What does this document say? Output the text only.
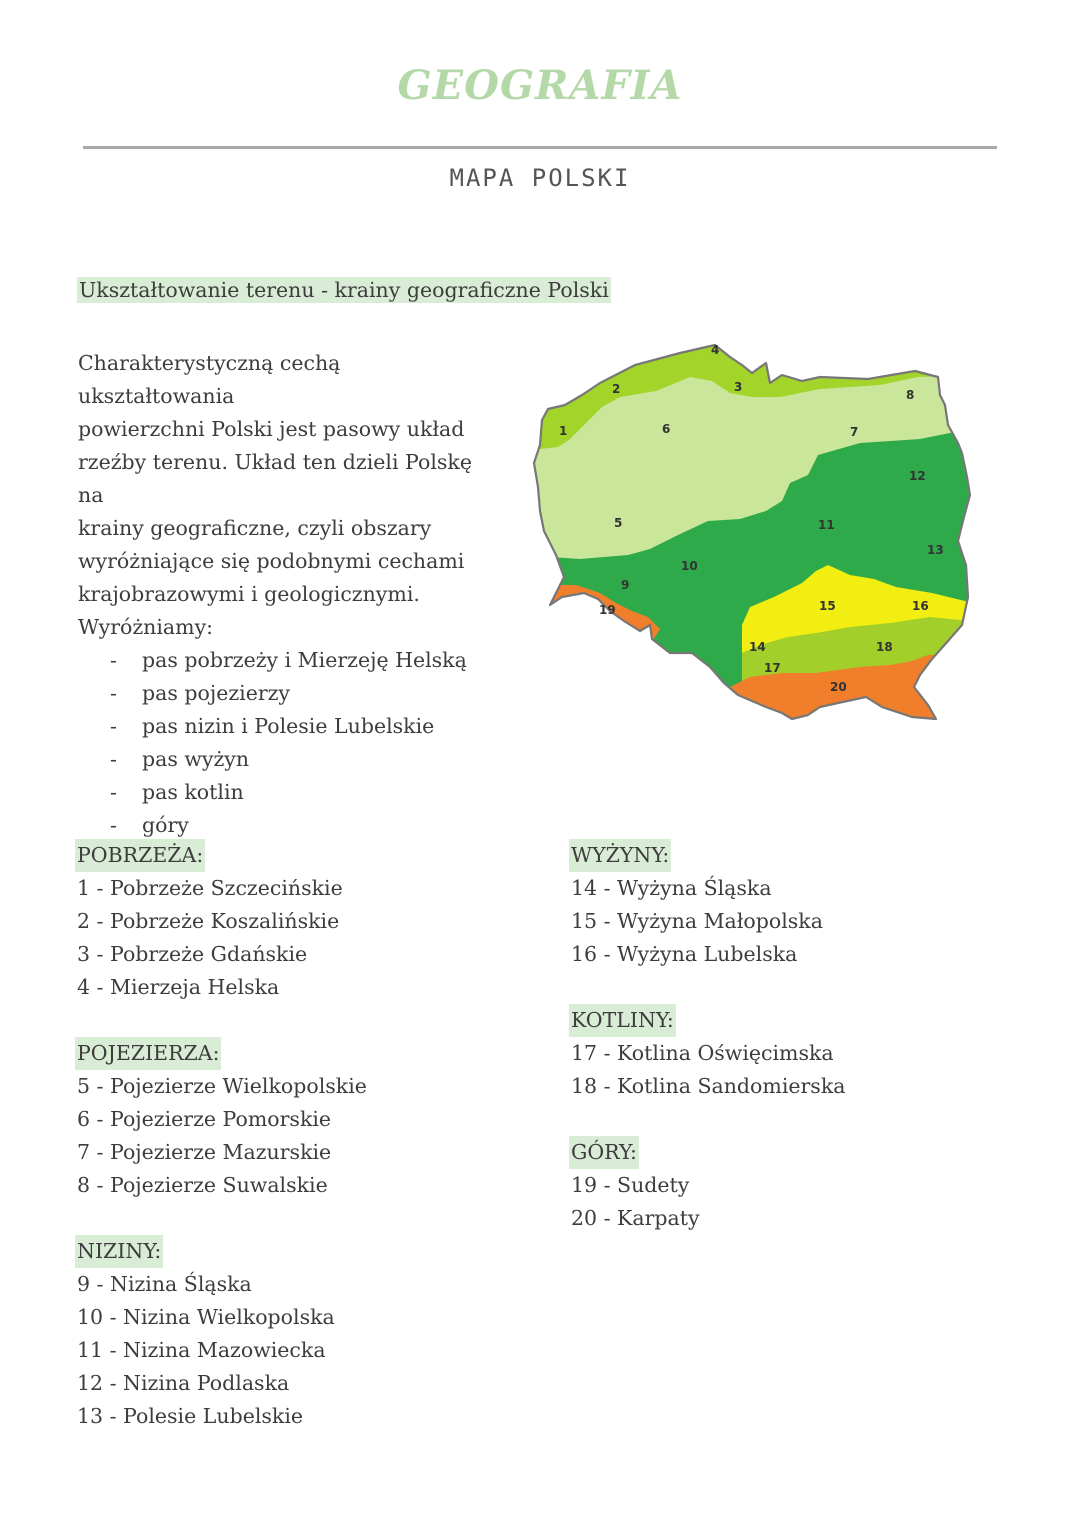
GEOGRAFIA
MAPA POLSKI
Ukształtowanie terenu - krainy geograficzne Polski

Charakterystyczną cechą ukształtowania
powierzchni Polski jest pasowy układ
rzeźby terenu. Układ ten dzieli Polskę na
krainy geograficzne, czyli obszary
wyróżniające się podobnymi cechami
krajobrazowymi i geologicznymi.
Wyróżniamy:

- pas pobrzeży i Mierzeję Helską
- pas pojezierzy
- pas nizin i Polesie Lubelskie
- pas wyżyn
- pas kotlin
- góry
1
2	3
4
5
6	7
8
9
10
11
12
13
14
15	16
17
18
19
20
POBRZEŻA:
1 - Pobrzeże Szczecińskie
2 - Pobrzeże Koszalińskie
3 - Pobrzeże Gdańskie
4 - Mierzeja Helska
POJEZIERZA:
5 - Pojezierze Wielkopolskie
6 - Pojezierze Pomorskie
7 - Pojezierze Mazurskie
8 - Pojezierze Suwalskie
NIZINY:
9 - Nizina Śląska
10 - Nizina Wielkopolska
11 - Nizina Mazowiecka
12 - Nizina Podlaska
13 - Polesie Lubelskie
WYŻYNY:
14 - Wyżyna Śląska
15 - Wyżyna Małopolska
16 - Wyżyna Lubelska
KOTLINY:
17 - Kotlina Oświęcimska
18 - Kotlina Sandomierska
GÓRY:
19 - Sudety
20 - Karpaty
